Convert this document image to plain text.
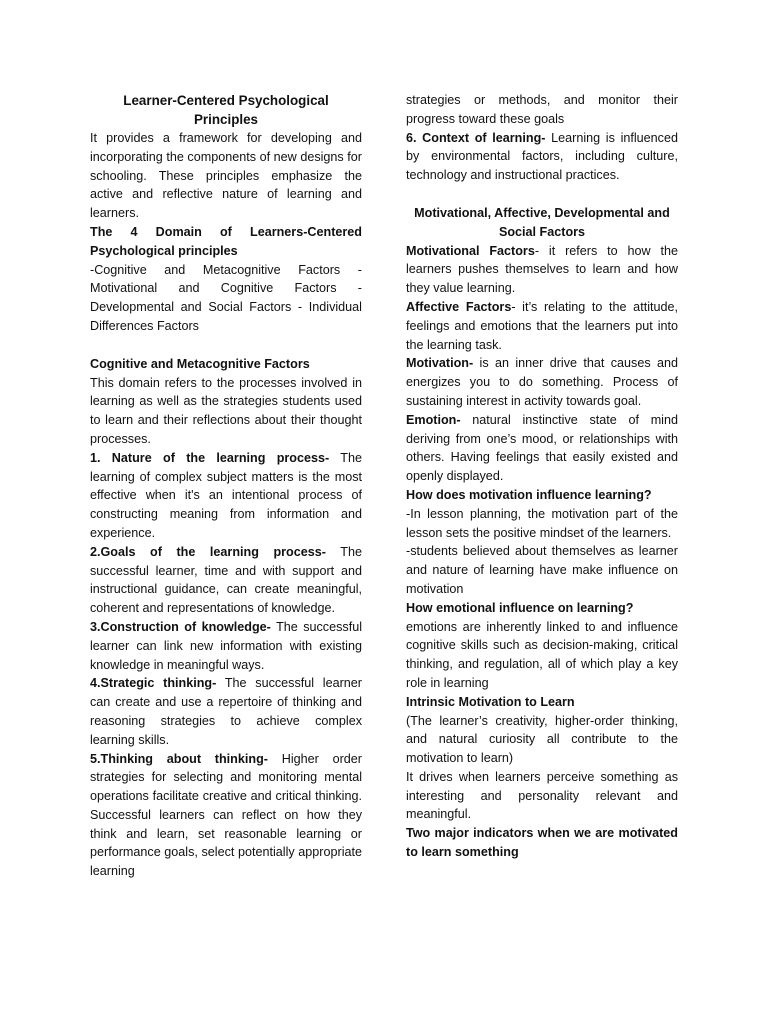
Learner-Centered Psychological Principles

It provides a framework for developing and incorporating the components of new designs for schooling. These principles emphasize the active and reflective nature of learning and learners.

The 4 Domain of Learners-Centered Psychological principles

-Cognitive and Metacognitive Factors - Motivational and Cognitive Factors - Developmental and Social Factors - Individual Differences Factors

Cognitive and Metacognitive Factors

This domain refers to the processes involved in learning as well as the strategies students used to learn and their reflections about their thought processes.

1. Nature of the learning process- The learning of complex subject matters is the most effective when it's an intentional process of constructing meaning from information and experience.

2.Goals of the learning process- The successful learner, time and with support and instructional guidance, can create meaningful, coherent and representations of knowledge.

3.Construction of knowledge- The successful learner can link new information with existing knowledge in meaningful ways.

4.Strategic thinking- The successful learner can create and use a repertoire of thinking and reasoning strategies to achieve complex learning skills.

5.Thinking about thinking- Higher order strategies for selecting and monitoring mental operations facilitate creative and critical thinking. Successful learners can reflect on how they think and learn, set reasonable learning or performance goals, select potentially appropriate learning

strategies or methods, and monitor their progress toward these goals

6. Context of learning- Learning is influenced by environmental factors, including culture, technology and instructional practices.

Motivational, Affective, Developmental and Social Factors

Motivational Factors- it refers to how the learners pushes themselves to learn and how they value learning.

Affective Factors- it’s relating to the attitude, feelings and emotions that the learners put into the learning task.

Motivation- is an inner drive that causes and energizes you to do something. Process of sustaining interest in activity towards goal.

Emotion- natural instinctive state of mind deriving from one’s mood, or relationships with others. Having feelings that easily existed and openly displayed.

How does motivation influence learning?

-In lesson planning, the motivation part of the lesson sets the positive mindset of the learners.

-students believed about themselves as learner and nature of learning have make influence on motivation

How emotional influence on learning?

emotions are inherently linked to and influence cognitive skills such as decision-making, critical thinking, and regulation, all of which play a key role in learning

Intrinsic Motivation to Learn

(The learner’s creativity, higher-order thinking, and natural curiosity all contribute to the motivation to learn)

It drives when learners perceive something as interesting and personality relevant and meaningful.

Two major indicators when we are motivated to learn something
